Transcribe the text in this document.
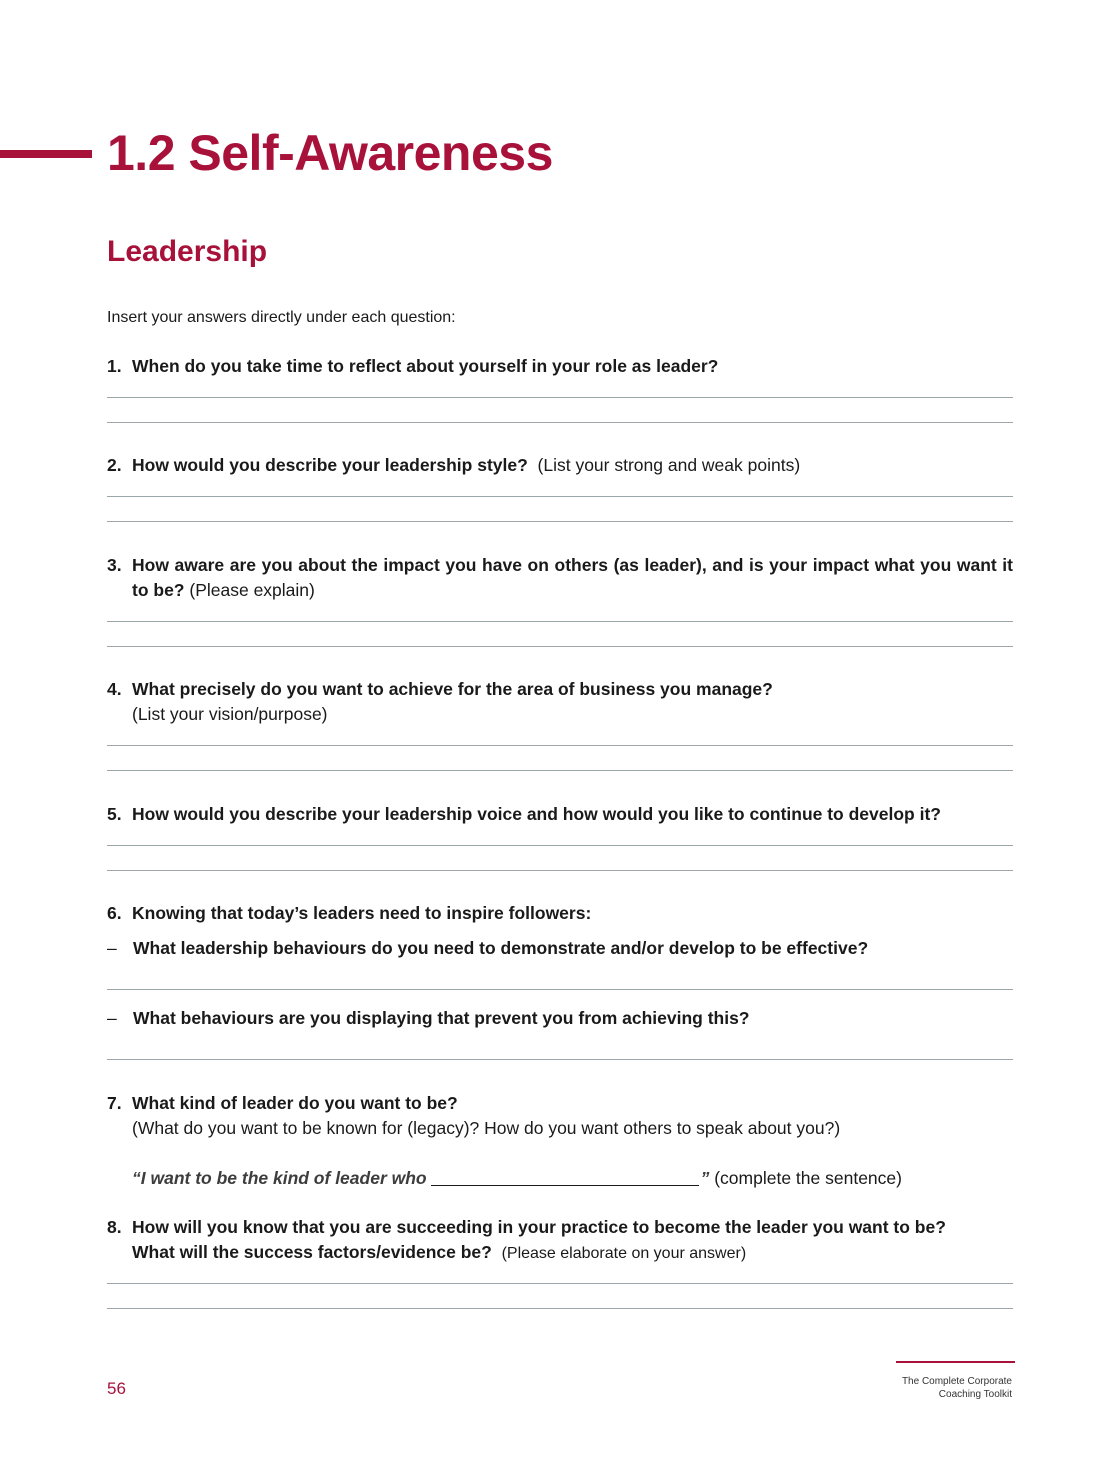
1.2 Self-Awareness
Leadership
Insert your answers directly under each question:
1. When do you take time to reflect about yourself in your role as leader?
2. How would you describe your leadership style? (List your strong and weak points)
3. How aware are you about the impact you have on others (as leader), and is your impact what you want it to be? (Please explain)
4. What precisely do you want to achieve for the area of business you manage?
(List your vision/purpose)
5. How would you describe your leadership voice and how would you like to continue to develop it?
6. Knowing that today’s leaders need to inspire followers:
– What leadership behaviours do you need to demonstrate and/or develop to be effective?
– What behaviours are you displaying that prevent you from achieving this?
7. What kind of leader do you want to be?
(What do you want to be known for (legacy)? How do you want others to speak about you?)
“I want to be the kind of leader who	” (complete the sentence)
8. How will you know that you are succeeding in your practice to become the leader you want to be?
What will the success factors/evidence be? (Please elaborate on your answer)
56	The Complete Corporate
Coaching Toolkit
